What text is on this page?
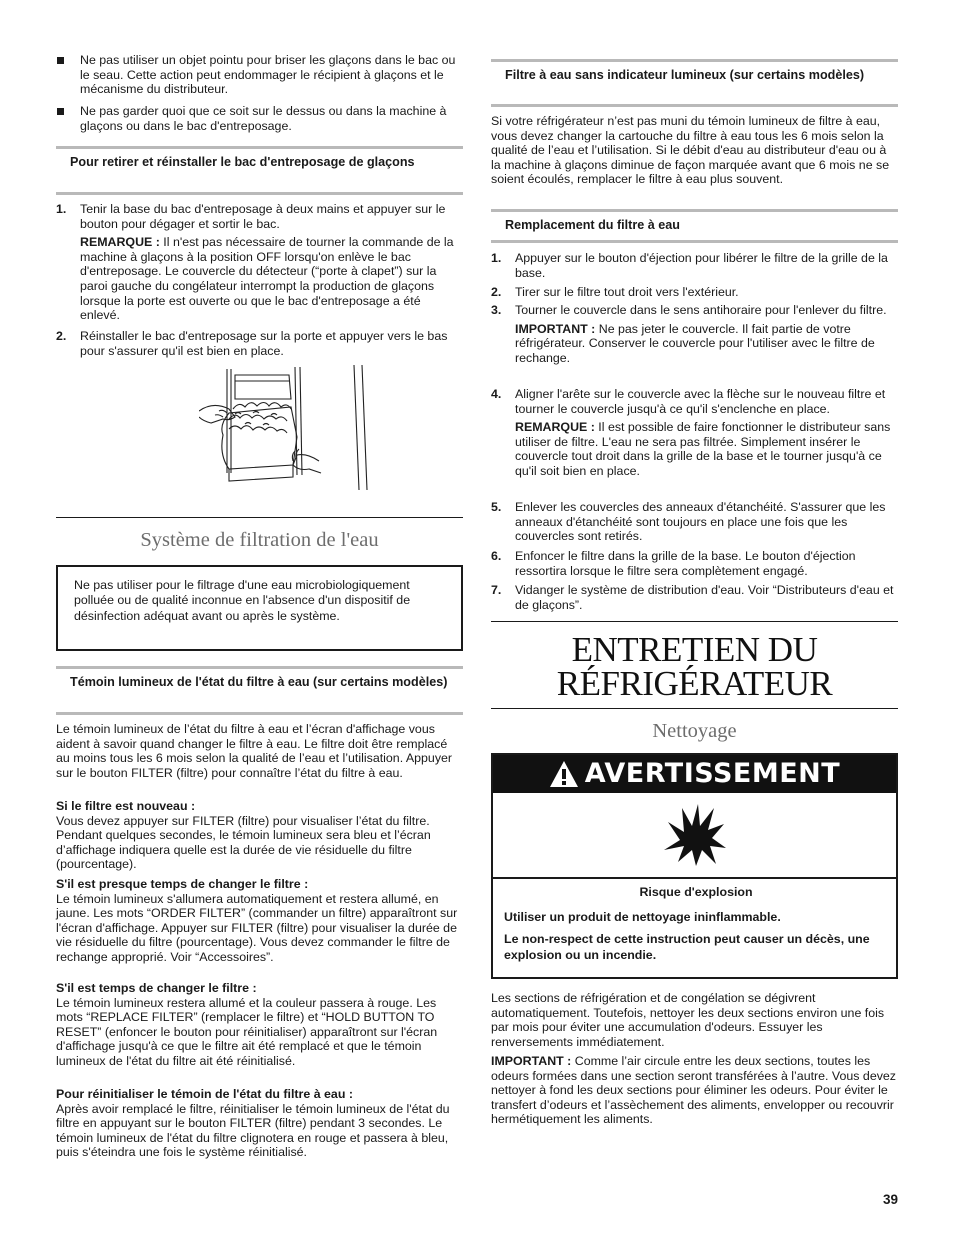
Ne pas utiliser un objet pointu pour briser les glaçons dans le bac ou le seau. Cette action peut endommager le récipient à glaçons et le mécanisme du distributeur.

Ne pas garder quoi que ce soit sur le dessus ou dans la machine à glaçons ou dans le bac d'entreposage.

Pour retirer et réinstaller le bac d'entreposage de glaçons
1. Tenir la base du bac d'entreposage à deux mains et appuyer sur le bouton pour dégager et sortir le bac.

REMARQUE : Il n'est pas nécessaire de tourner la commande de la machine à glaçons à la position OFF lorsqu'on enlève le bac d'entreposage. Le couvercle du détecteur (“porte à clapet”) sur la paroi gauche du congélateur interrompt la production de glaçons lorsque la porte est ouverte ou que le bac d'entreposage a été enlevé.

2. Réinstaller le bac d'entreposage sur la porte et appuyer vers le bas pour s'assurer qu'il est bien en place.

Système de filtration de l'eau

Ne pas utiliser pour le filtrage d'une eau microbiologiquement polluée ou de qualité inconnue en l'absence d'un dispositif de désinfection adéquat avant ou après le système.

Témoin lumineux de l'état du filtre à eau (sur certains modèles)

Le témoin lumineux de l’état du filtre à eau et l’écran d'affichage vous aident à savoir quand changer le filtre à eau. Le filtre doit être remplacé au moins tous les 6 mois selon la qualité de l’eau et l’utilisation. Appuyer sur le bouton FILTER (filtre) pour connaître l’état du filtre à eau.

Si le filtre est nouveau :

Vous devez appuyer sur FILTER (filtre) pour visualiser l’état du filtre. Pendant quelques secondes, le témoin lumineux sera bleu et l’écran d’affichage indiquera quelle est la durée de vie résiduelle du filtre (pourcentage).

S'il est presque temps de changer le filtre :

Le témoin lumineux s'allumera automatiquement et restera allumé, en jaune. Les mots “ORDER FILTER” (commander un filtre) apparaîtront sur l'écran d'affichage. Appuyer sur FILTER (filtre) pour visualiser la durée de vie résiduelle du filtre (pourcentage). Vous devez commander le filtre de rechange approprié. Voir “Accessoires”.

S'il est temps de changer le filtre :

Le témoin lumineux restera allumé et la couleur passera à rouge. Les mots “REPLACE FILTER” (remplacer le filtre) et “HOLD BUTTON TO RESET” (enfoncer le bouton pour réinitialiser) apparaîtront sur l'écran d'affichage jusqu'à ce que le filtre ait été remplacé et que le témoin lumineux de l'état du filtre ait été réinitialisé.

Pour réinitialiser le témoin de l'état du filtre à eau :

Après avoir remplacé le filtre, réinitialiser le témoin lumineux de l'état du filtre en appuyant sur le bouton FILTER (filtre) pendant 3 secondes. Le témoin lumineux de l'état du filtre clignotera en rouge et passera à bleu, puis s'éteindra une fois le système réinitialisé.

Filtre à eau sans indicateur lumineux (sur certains modèles)

Si votre réfrigérateur n’est pas muni du témoin lumineux de filtre à eau, vous devez changer la cartouche du filtre à eau tous les 6 mois selon la qualité de l’eau et l’utilisation. Si le débit d'eau au distributeur d'eau ou à la machine à glaçons diminue de façon marquée avant que 6 mois ne se soient écoulés, remplacer le filtre à eau plus souvent.

Remplacement du filtre à eau
1. Appuyer sur le bouton d'éjection pour libérer le filtre de la grille de la base.

2. Tirer sur le filtre tout droit vers l'extérieur.

3. Tourner le couvercle dans le sens antihoraire pour l'enlever du filtre.

IMPORTANT : Ne pas jeter le couvercle. Il fait partie de votre réfrigérateur. Conserver le couvercle pour l'utiliser avec le filtre de rechange.

4. Aligner l'arête sur le couvercle avec la flèche sur le nouveau filtre et tourner le couvercle jusqu'à ce qu'il s'enclenche en place.

REMARQUE : Il est possible de faire fonctionner le distributeur sans utiliser de filtre. L'eau ne sera pas filtrée. Simplement insérer le couvercle tout droit dans la grille de la base et le tourner jusqu'à ce qu'il soit bien en place.

5. Enlever les couvercles des anneaux d'étanchéité. S'assurer que les anneaux d'étanchéité sont toujours en place une fois que les couvercles sont retirés.

6. Enfoncer le filtre dans la grille de la base. Le bouton d'éjection ressortira lorsque le filtre sera complètement engagé.

7. Vidanger le système de distribution d'eau. Voir “Distributeurs d'eau et de glaçons”.

ENTRETIEN DU
RÉFRIGÉRATEUR
Nettoyage
AVERTISSEMENT

Risque d'explosion

Utiliser un produit de nettoyage ininflammable.

Le non-respect de cette instruction peut causer un décès, une explosion ou un incendie.

Les sections de réfrigération et de congélation se dégivrent automatiquement. Toutefois, nettoyer les deux sections environ une fois par mois pour éviter une accumulation d'odeurs. Essuyer les renversements immédiatement.

IMPORTANT : Comme l’air circule entre les deux sections, toutes les odeurs formées dans une section seront transférées à l’autre. Vous devez nettoyer à fond les deux sections pour éliminer les odeurs. Pour éviter le transfert d’odeurs et l’assèchement des aliments, envelopper ou recouvrir hermétiquement les aliments.

39
